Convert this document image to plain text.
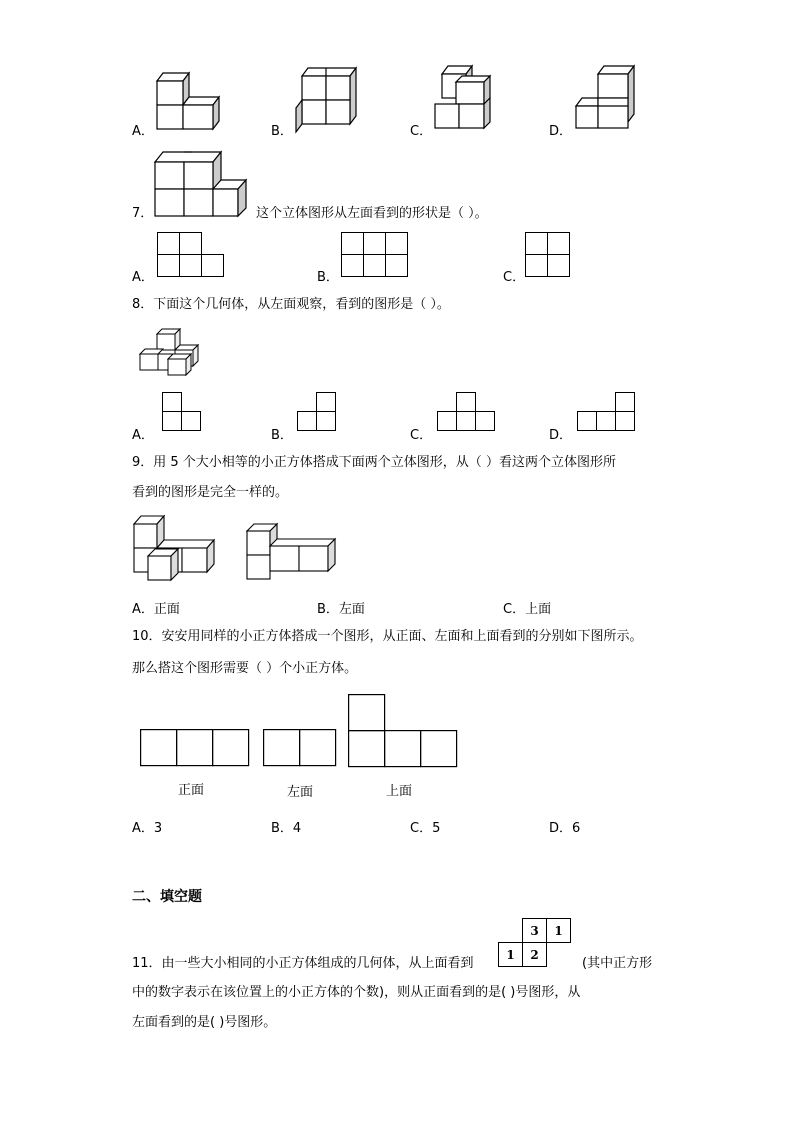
A．	B．	C．	D．
7．	这个立体图形从左面看到的形状是（ ）。
A．	B．	C．
8．下面这个几何体，从左面观察，看到的图形是（ ）。
A．	B．	C．	D．
9．用 5 个大小相等的小正方体搭成下面两个立体图形，从（ ）看这两个立体图形所
看到的图形是完全一样的。
A．正面	B．左面	C．上面
10．安安用同样的小正方体搭成一个图形，从正面、左面和上面看到的分别如下图所示。
那么搭这个图形需要（ ）个小正方体。
正面	左面	上面
A．3	B．4	C．5	D．6
二、填空题
11．由一些大小相同的小正方体组成的几何体，从上面看到
3 1
1 2
(其中正方形
中的数字表示在该位置上的小正方体的个数)，则从正面看到的是( )号图形，从
左面看到的是( )号图形。
